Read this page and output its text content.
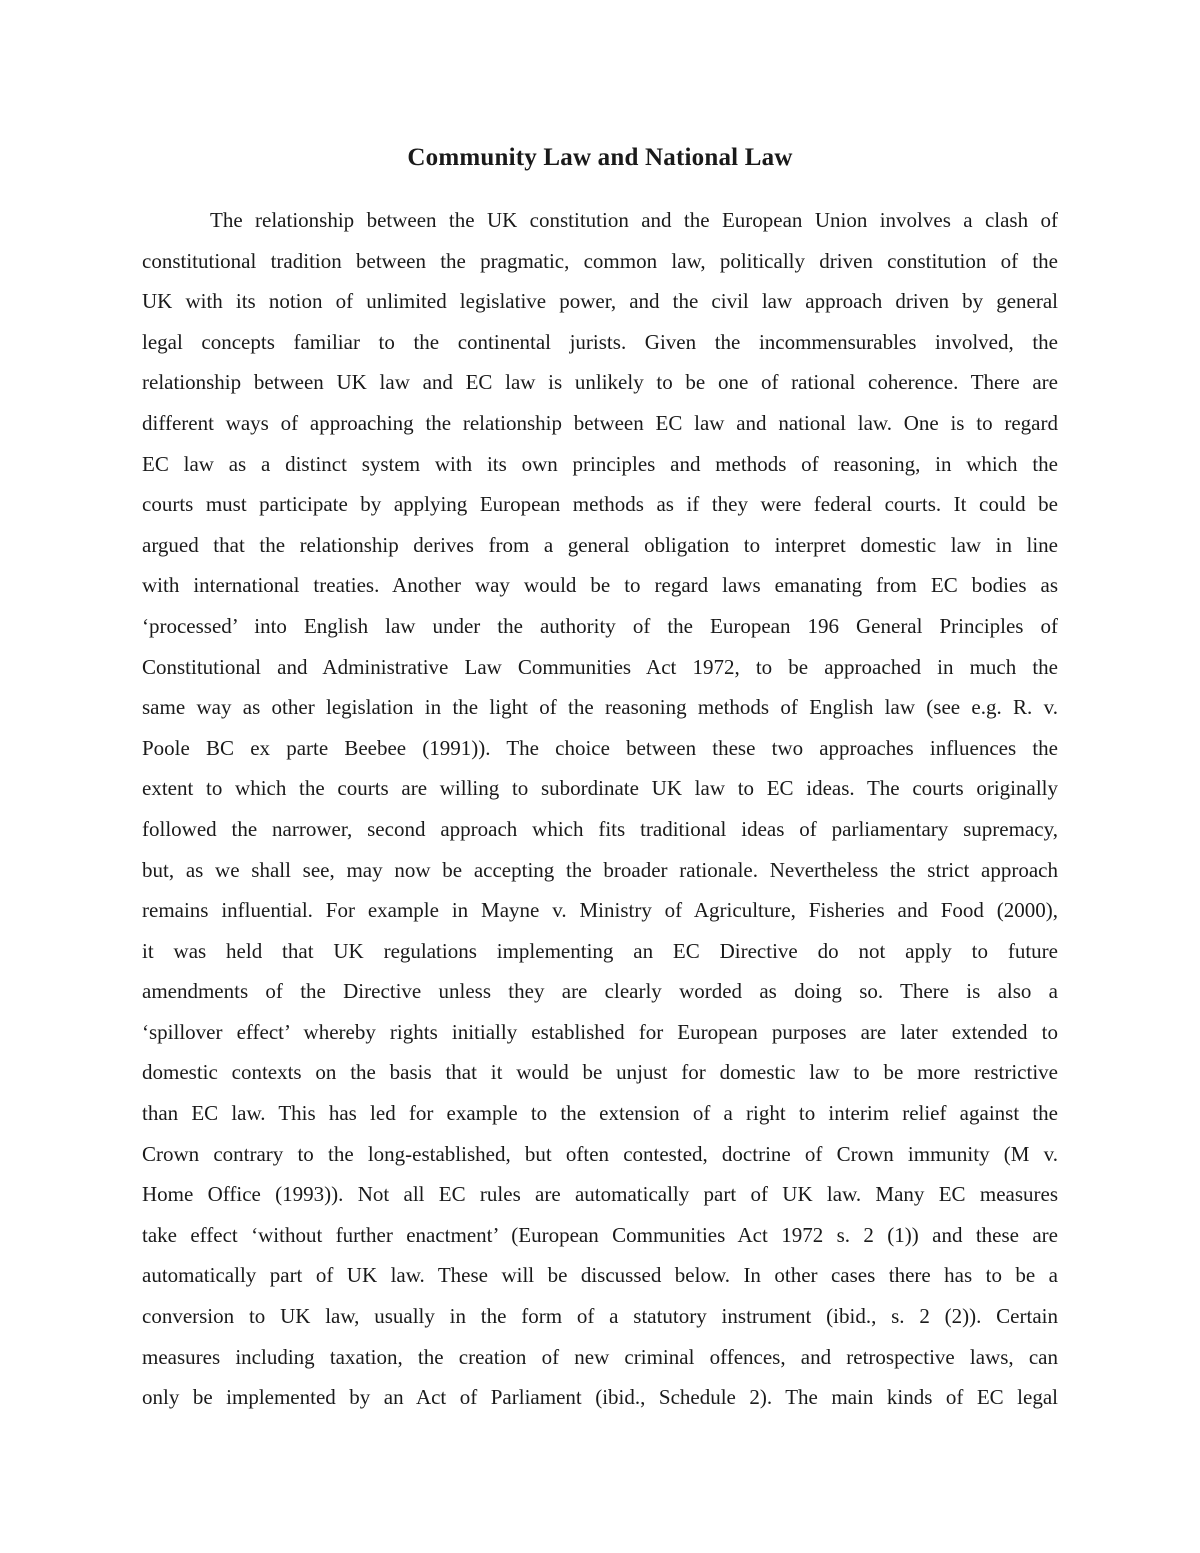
Community Law and National Law
The relationship between the UK constitution and the European Union involves a clash of
constitutional tradition between the pragmatic, common law, politically driven constitution of the
UK with its notion of unlimited legislative power, and the civil law approach driven by general
legal concepts familiar to the continental jurists. Given the incommensurables involved, the
relationship between UK law and EC law is unlikely to be one of rational coherence. There are
different ways of approaching the relationship between EC law and national law. One is to regard
EC law as a distinct system with its own principles and methods of reasoning, in which the
courts must participate by applying European methods as if they were federal courts. It could be
argued that the relationship derives from a general obligation to interpret domestic law in line
with international treaties. Another way would be to regard laws emanating from EC bodies as
‘processed’ into English law under the authority of the European 196 General Principles of
Constitutional and Administrative Law Communities Act 1972, to be approached in much the
same way as other legislation in the light of the reasoning methods of English law (see e.g. R. v.
Poole BC ex parte Beebee (1991)). The choice between these two approaches influences the
extent to which the courts are willing to subordinate UK law to EC ideas. The courts originally
followed the narrower, second approach which fits traditional ideas of parliamentary supremacy,
but, as we shall see, may now be accepting the broader rationale. Nevertheless the strict approach
remains influential. For example in Mayne v. Ministry of Agriculture, Fisheries and Food (2000),
it was held that UK regulations implementing an EC Directive do not apply to future
amendments of the Directive unless they are clearly worded as doing so. There is also a
‘spillover effect’ whereby rights initially established for European purposes are later extended to
domestic contexts on the basis that it would be unjust for domestic law to be more restrictive
than EC law. This has led for example to the extension of a right to interim relief against the
Crown contrary to the long-established, but often contested, doctrine of Crown immunity (M v.
Home Office (1993)). Not all EC rules are automatically part of UK law. Many EC measures
take effect ‘without further enactment’ (European Communities Act 1972 s. 2 (1)) and these are
automatically part of UK law. These will be discussed below. In other cases there has to be a
conversion to UK law, usually in the form of a statutory instrument (ibid., s. 2 (2)). Certain
measures including taxation, the creation of new criminal offences, and retrospective laws, can
only be implemented by an Act of Parliament (ibid., Schedule 2). The main kinds of EC legal
